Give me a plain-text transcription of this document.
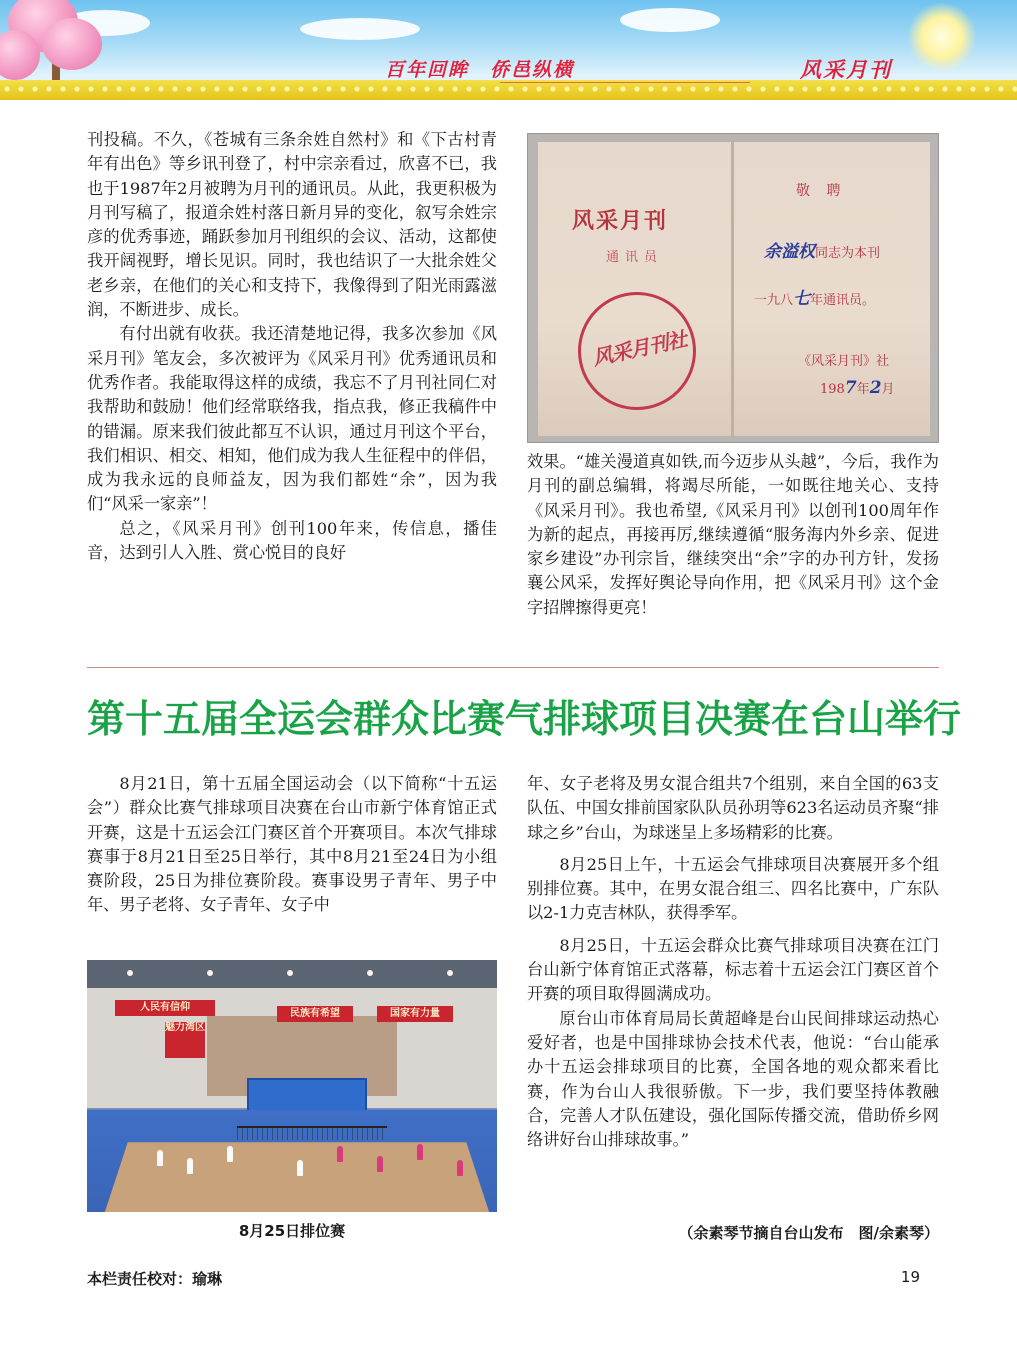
百年回眸　侨邑纵横	风采月刊

刊投稿。不久，《苍城有三条余姓自然村》和《下古村青年有出色》等乡讯刊登了，村中宗亲看过，欣喜不已，我也于1987年2月被聘为月刊的通讯员。从此，我更积极为月刊写稿了，报道余姓村落日新月异的变化，叙写余姓宗彦的优秀事迹，踊跃参加月刊组织的会议、活动，这都使我开阔视野，增长见识。同时，我也结识了一大批余姓父老乡亲，在他们的关心和支持下，我像得到了阳光雨露滋润，不断进步、成长。

有付出就有收获。我还清楚地记得，我多次参加《风采月刊》笔友会，多次被评为《风采月刊》优秀通讯员和优秀作者。我能取得这样的成绩，我忘不了月刊社同仁对我帮助和鼓励！他们经常联络我，指点我，修正我稿件中的错漏。原来我们彼此都互不认识，通过月刊这个平台，我们相识、相交、相知，他们成为我人生征程中的伴侣，成为我永远的良师益友，因为我们都姓“余”，因为我们“风采一家亲”！

总之，《风采月刊》创刊100年来，传信息，播佳音，达到引人入胜、赏心悦目的良好

风采月刊
通讯员
风采月刊社
敬 聘
余溢权同志为本刊
一九八七年通讯员。
《风采月刊》社
1987年2月

效果。“雄关漫道真如铁,而今迈步从头越”，今后，我作为月刊的副总编辑，将竭尽所能，一如既往地关心、支持《风采月刊》。我也希望,《风采月刊》以创刊100周年作为新的起点，再接再厉,继续遵循“服务海内外乡亲、促进家乡建设”办刊宗旨，继续突出“余”字的办刊方针，发扬襄公风采，发挥好舆论导向作用，把《风采月刊》这个金字招牌擦得更亮！

第十五届全运会群众比赛气排球项目决赛在台山举行

8月21日，第十五届全国运动会（以下简称“十五运会”）群众比赛气排球项目决赛在台山市新宁体育馆正式开赛，这是十五运会江门赛区首个开赛项目。本次气排球赛事于8月21日至25日举行，其中8月21至24日为小组赛阶段，25日为排位赛阶段。赛事设男子青年、男子中年、男子老将、女子青年、女子中

人民有信仰
魅力湾区
民族有希望	国家有力量
8月25日排位赛

年、女子老将及男女混合组共7个组别，来自全国的63支队伍、中国女排前国家队队员孙玥等623名运动员齐聚“排球之乡”台山，为球迷呈上多场精彩的比赛。

8月25日上午，十五运会气排球项目决赛展开多个组别排位赛。其中，在男女混合组三、四名比赛中，广东队以2-1力克吉林队，获得季军。

8月25日，十五运会群众比赛气排球项目决赛在江门台山新宁体育馆正式落幕，标志着十五运会江门赛区首个开赛的项目取得圆满成功。

原台山市体育局局长黄超峰是台山民间排球运动热心爱好者，也是中国排球协会技术代表，他说：“台山能承办十五运会排球项目的比赛，全国各地的观众都来看比赛，作为台山人我很骄傲。下一步，我们要坚持体教融合，完善人才队伍建设，强化国际传播交流，借助侨乡网络讲好台山排球故事。”

（余素琴节摘自台山发布　图/余素琴）
本栏责任校对：瑜琳	19
